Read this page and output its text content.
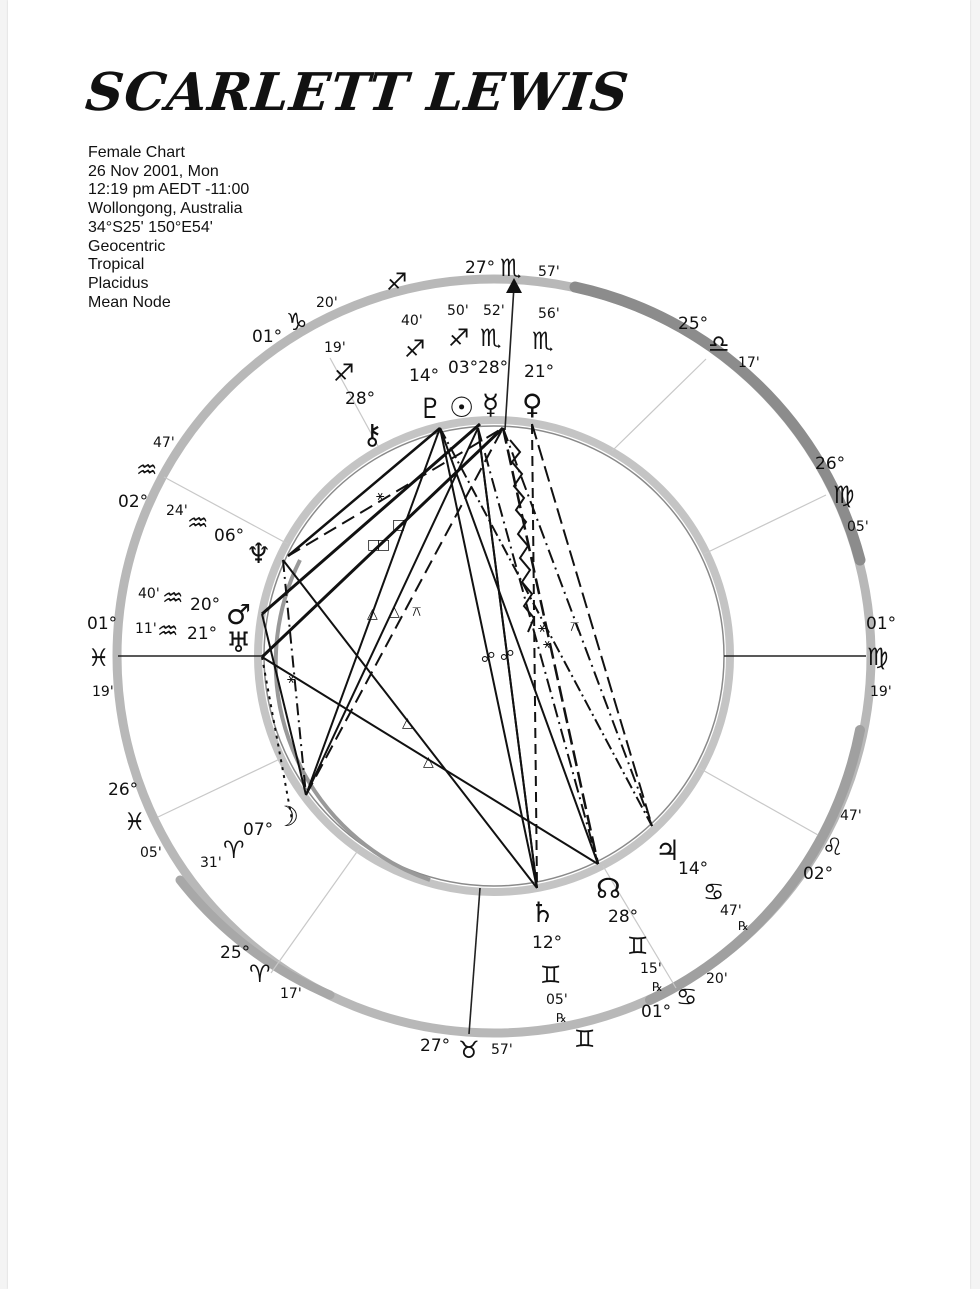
SCARLETT LEWIS
Female Chart
26 Nov 2001, Mon
12:19 pm AEDT -11:00
Wollongong, Australia
34°S25' 150°E54'
Geocentric
Tropical
Placidus
Mean Node
⚹
□
□
□
△ △ ⚻
☍ ☍
⚹ ⚻
⚹
△
△
⚹
27° ♏ 57'
25°
♎
17'
26°
♍
05'
01°
♍
19'
47'
♌
02°
20'
♋
01°
27° ♉ 57'
25°
♈
17'
26°
♓
05'
01°
♓
19'
47'
♒
02°
01°
♑
20'
♐
♇
14°
♐
40'
☉
03°
♐
50'
☿
28°
♏
52'
♀
21°
♏
56'
⚷
28°
♐
19'
♆
06°
♒
24'
♂
20°
♒
40'
♅
21°
♒
11'
☽
07°
♈
31'	♃
14°
♋
47'
℞
☊
28°
♊
15'
℞
♄
12°
♊
05'
℞
♊
